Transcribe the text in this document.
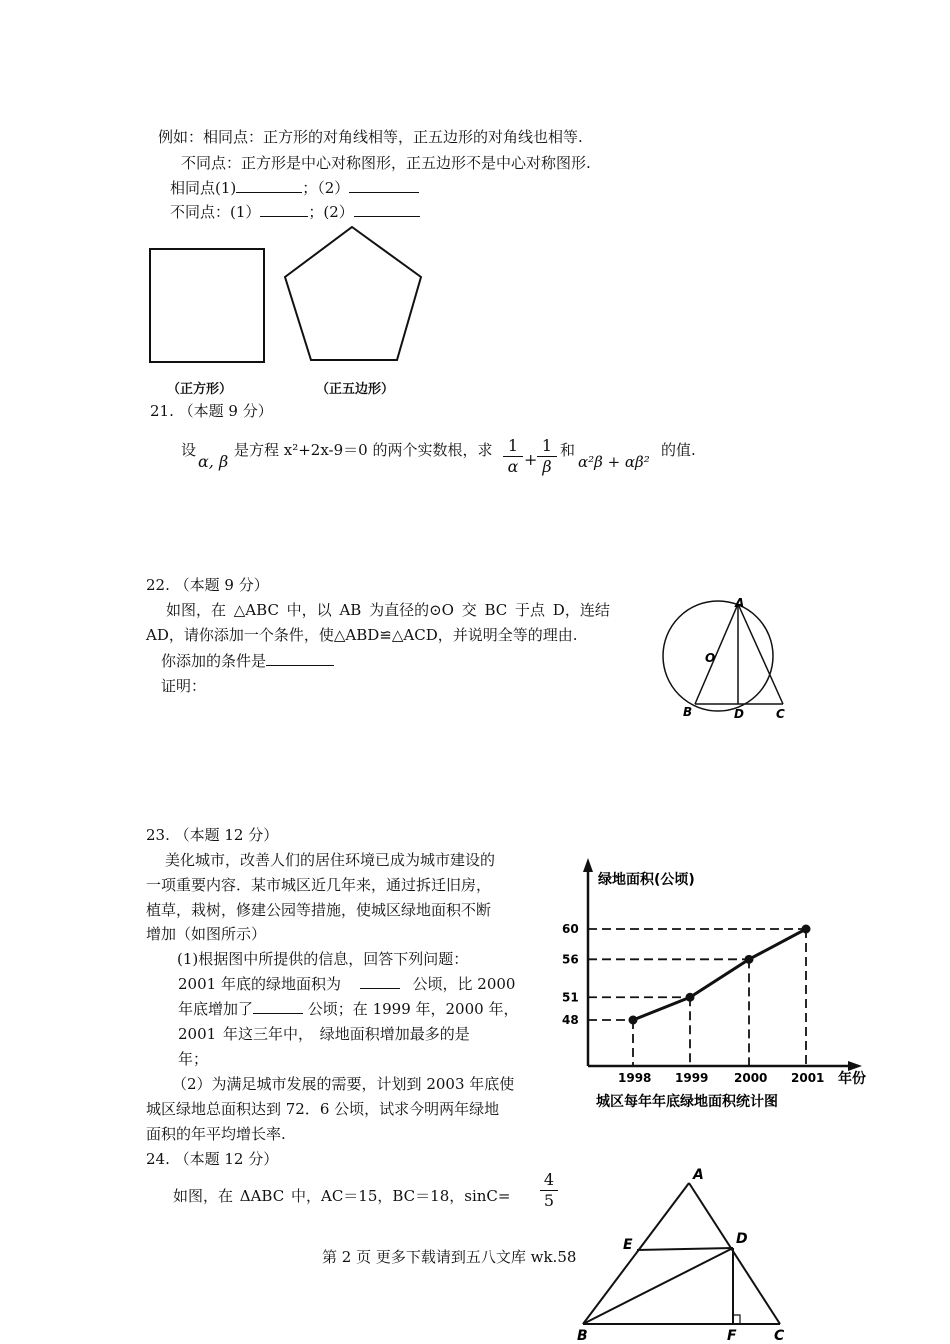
例如：相同点：正方形的对角线相等，正五边形的对角线也相等.
不同点：正方形是中心对称图形，正五边形不是中心对称图形.
相同点(1)	；（2）
不同点：(1）	；(2）
（正方形）	（正五边形）
21. （本题 9 分）
设
α, β
是方程 x²+2x-9＝0 的两个实数根，求 $\frac{1}{\alpha} + \frac{1}{\beta}$ 和
α²β + αβ²
的值.
22. （本题 9 分）
如图，在 △ABC 中，以 AB 为直径的⊙O 交 BC 于点 D，连结
AD，请你添加一个条件，使△ABD≌△ACD，并说明全等的理由.
你添加的条件是
证明：
A
O
B	D	C
23. （本题 12 分）
美化城市，改善人们的居住环境已成为城市建设的
一项重要内容．某市城区近几年来，通过拆迁旧房，
植草，栽树，修建公园等措施，使城区绿地面积不断
增加（如图所示）
(1)根据图中所提供的信息，回答下列问题：
2001 年底的绿地面积为	公顷，比 2000
年底增加了	公顷；在 1999 年，2000 年，
2001 年这三年中， 绿地面积增加最多的是
年；
（2）为满足城市发展的需要，计划到 2003 年底使
城区绿地总面积达到 72．6 公顷，试求今明两年绿地
面积的年平均增长率.
绿地面积(公顷)
年份
城区每年年底绿地面积统计图
48
51
56
60
1998 1999 2000 2001
24. （本题 12 分）
如图，在 ΔABC 中，AC＝15，BC＝18，$\sin C= \frac{4}{5}$	A
E	D
B	F	C
第 2 页 更多下载请到五八文库 wk.58
